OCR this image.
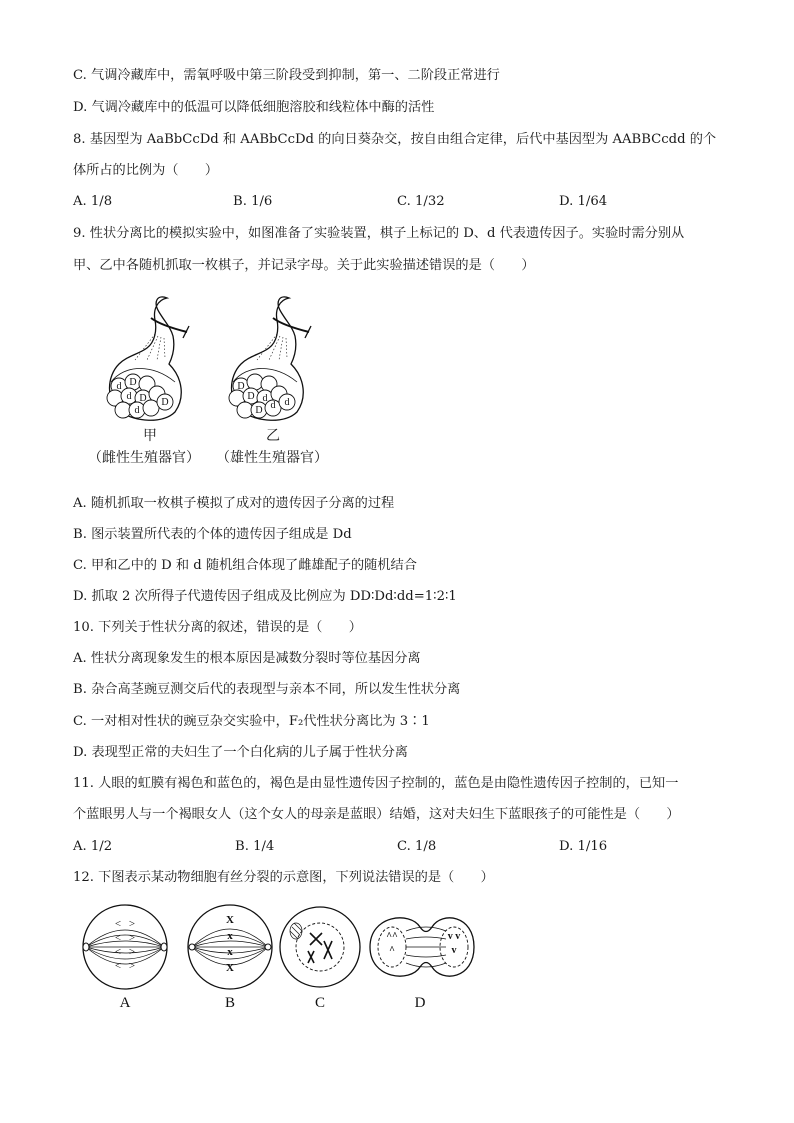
C. 气调冷藏库中，需氧呼吸中第三阶段受到抑制，第一、二阶段正常进行
D. 气调冷藏库中的低温可以降低细胞溶胶和线粒体中酶的活性
8. 基因型为 AaBbCcDd 和 AABbCcDd 的向日葵杂交，按自由组合定律，后代中基因型为 AABBCcdd 的个
体所占的比例为（　　）
A. 1/8	B. 1/6	C. 1/32	D. 1/64
9. 性状分离比的模拟实验中，如图准备了实验装置，棋子上标记的 D、d 代表遗传因子。实验时需分别从
甲、乙中各随机抓取一枚棋子，并记录字母。关于此实验描述错误的是（　　）
d D
d D
d
D
D
d
D
d d
D
甲	乙
（雌性生殖器官）	（雄性生殖器官）
A. 随机抓取一枚棋子模拟了成对的遗传因子分离的过程
B. 图示装置所代表的个体的遗传因子组成是 Dd
C. 甲和乙中的 D 和 d 随机组合体现了雌雄配子的随机结合
D. 抓取 2 次所得子代遗传因子组成及比例应为 DD∶Dd∶dd=1∶2∶1
10. 下列关于性状分离的叙述，错误的是（　　）
A. 性状分离现象发生的根本原因是减数分裂时等位基因分离
B. 杂合高茎豌豆测交后代的表现型与亲本不同，所以发生性状分离
C. 一对相对性状的豌豆杂交实验中，F₂代性状分离比为 3∶1
D. 表现型正常的夫妇生了一个白化病的儿子属于性状分离
11. 人眼的虹膜有褐色和蓝色的，褐色是由显性遗传因子控制的，蓝色是由隐性遗传因子控制的，已知一
个蓝眼男人与一个褐眼女人（这个女人的母亲是蓝眼）结婚，这对夫妇生下蓝眼孩子的可能性是（　　）
A. 1/2	B. 1/4	C. 1/8	D. 1/16
12. 下图表示某动物细胞有丝分裂的示意图，下列说法错误的是（　　）
< >
< >
< >
< >
X
x
x
X
^^
^
v v
v
A	B	C	D
